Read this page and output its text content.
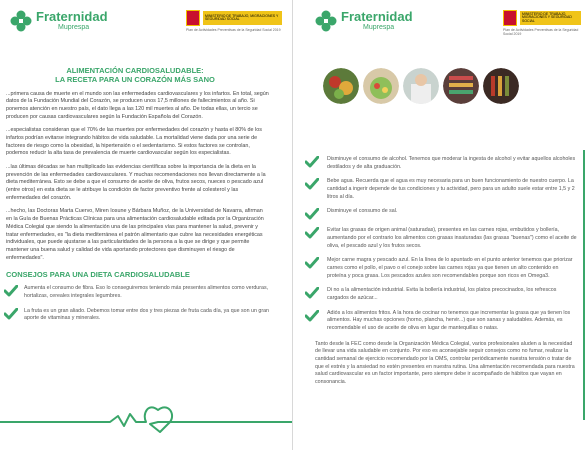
Fraternidad
Muprespa
MINISTERIO DE TRABAJO, MIGRACIONES Y SEGURIDAD SOCIAL
Plan de Actividades Preventivas de la Seguridad Social 2019
ALIMENTACIÓN CARDIOSALUDABLE:
LA RECETA PARA UN CORAZÓN MÁS SANO

...primera causa de muerte en el mundo son las enfermedades cardiovasculares y los infartos. En total, según datos de la Fundación Mundial del Corazón, se producen unos 17,5 millones de fallecimientos al año. Si ponemos atención en nuestro país, el dato llega a las 120 mil muertes al año. De todas ellas, un tercio se producen por causas cardiovasculares según la Fundación Española del Corazón.

...especialistas consideran que el 70% de las muertes por enfermedades del corazón y hasta el 80% de los infartos podrían evitarse integrando hábitos de vida saludable. La mortalidad viene dada por una serie de factores de riesgo como la obesidad, la hipertensión o el sedentarismo. Si estos factores se controlan, podemos reducir la alta tasa de prevalencia de muerte cardiovascular según los especialistas.

...las últimas décadas se han multiplicado las evidencias científicas sobre la importancia de la dieta en la prevención de las enfermedades cardiovasculares. Y muchas recomendaciones nos llevan directamente a la dieta mediterránea. Esto se debe a que el consumo de aceite de oliva, frutos secos, nueces o pescado azul (entre otros) en esta dieta se le atribuye la condición de factor preventivo frente al colesterol y las enfermedades del corazón.

...hecho, las Doctoras Marta Cuervo, Miren Iosune y Bárbara Muñoz, de la Universidad de Navarra, afirman en la Guía de Buenas Prácticas Clínicas para una alimentación cardiosaludable editada por la Organización Médica Colegial que siendo la alimentación una de las principales vías para mantener la salud, prevenir y tratar enfermedades, es "la dieta mediterránea el patrón alimentario que cubre las necesidades energéticas individuales, que puede ajustarse a las particularidades de la persona a la que se dirige y que permite mantener una buena salud y calidad de vida aportando protectores que disminuyen el riesgo de enfermedades".

CONSEJOS PARA UNA DIETA CARDIOSALUDABLE
Aumenta el consumo de fibra. Eso lo conseguiremos teniendo más presentes alimentos como verduras, hortalizas, cereales integrales legumbres.
La fruta es un gran aliado. Debemos tomar entre dos y tres piezas de fruta cada día, ya que son un gran aporte de vitaminas y minerales.
Fraternidad
Muprespa
MINISTERIO DE TRABAJO, MIGRACIONES Y SEGURIDAD SOCIAL
Plan de Actividades Preventivas de la Seguridad Social 2019
Disminuye el consumo de alcohol. Tenemos que moderar la ingesta de alcohol y evitar aquellos alcoholes destilados y de alta graduación.
Bebe agua. Recuerda que el agua es muy necesaria para un buen funcionamiento de nuestro cuerpo. La cantidad a ingerir depende de tus condiciones y tu actividad, pero para un adulto suele estar entre 1,5 y 2 litros al día.
Disminuye el consumo de sal.
Evitar las grasas de origen animal (saturadas), presentes en las carnes rojas, embutidos y bollería, aumentando por el contrario los alimentos con grasas insaturadas (las grasas "buenas") como el aceite de oliva, el pescado azul y los frutos secos.
Mejor carne magra y pescado azul. En la línea de lo apuntado en el punto anterior tenemos que priorizar carnes como el pollo, el pavo o el conejo sobre las carnes rojas ya que tienen un alto contenido en proteína y poca grasa. Los pescados azules son recomendables porque son ricos en Omega3.
Di no a la alimentación industrial. Evita la bollería industrial, los platos precocinados, los refrescos cargados de azúcar...
Adiós a los alimentos fritos. A la hora de cocinar no tenemos que incrementar la grasa que ya tienen los alimentos. Hay muchas opciones (horno, plancha, hervir...) que son sanas y saludables. Además, es recomendable el uso de aceite de oliva en lugar de mantequillas o natas.

Tanto desde la FEC como desde la Organización Médica Colegial, varios profesionales aluden a la necesidad de llevar una vida saludable en conjunto. Por eso es aconsejable seguir consejos como no fumar, realizar la cantidad semanal de ejercicio recomendado por la OMS, controlar periódicamente nuestra tensión o tratar de que el estrés y la ansiedad no estén presentes en nuestra rutina. Una alimentación recomendada para nuestra salud cardiovascular es un factor importante, pero siempre debe ir acompañado de hábitos que vayan en consonancia.
